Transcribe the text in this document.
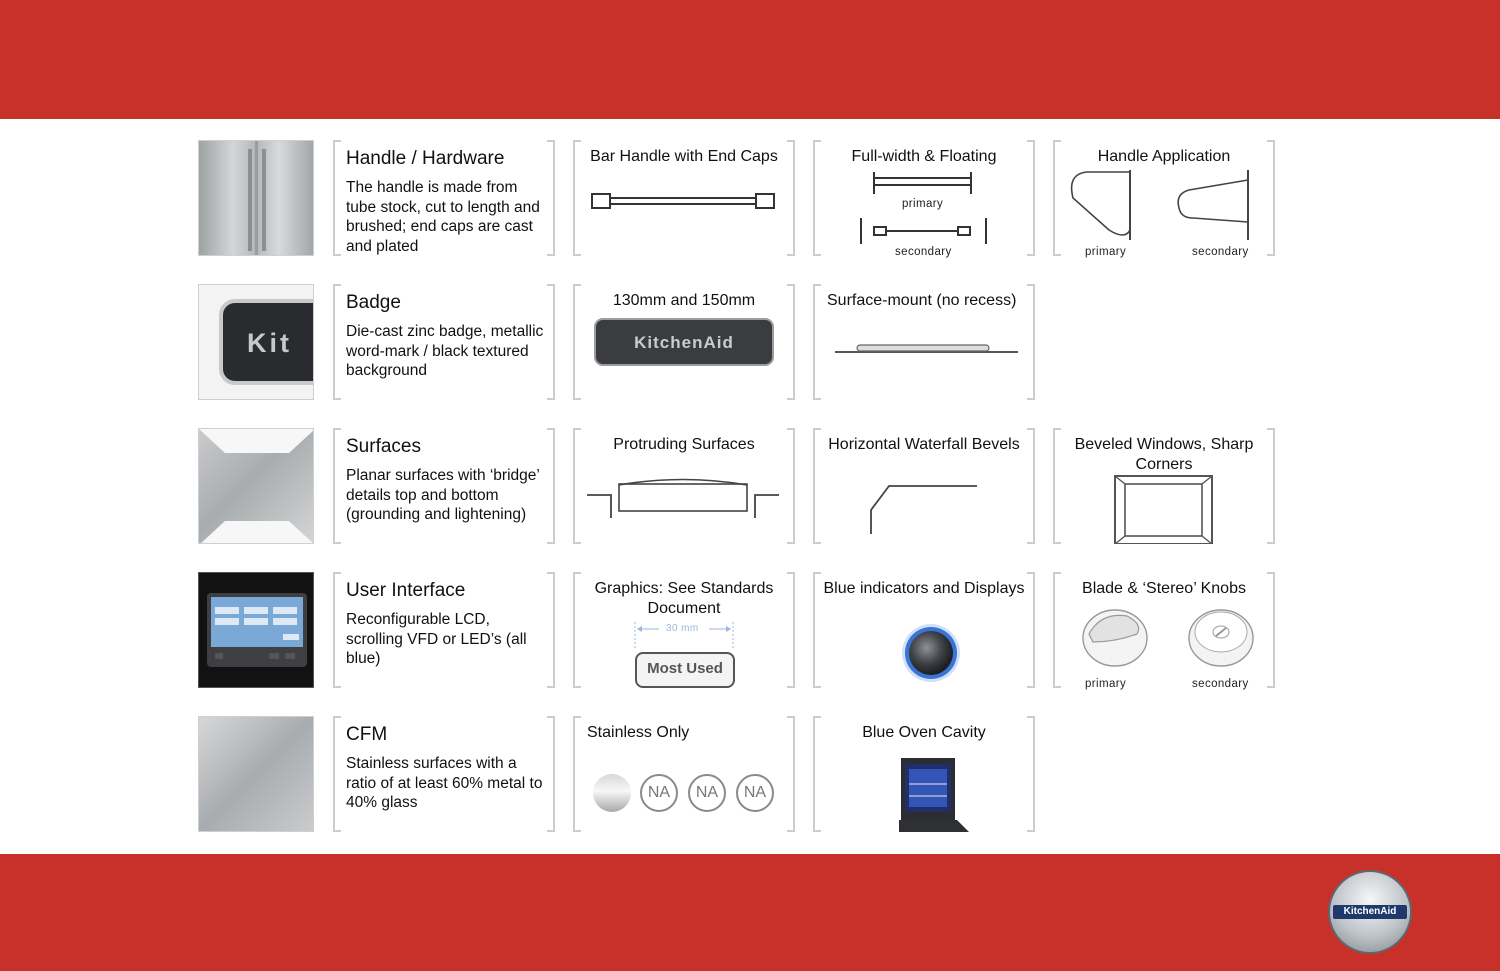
Handle / Hardware
The handle is made from tube stock, cut to length and brushed; end caps are cast and plated
Bar Handle with End Caps	Full-width & Floating
primary
secondary
Handle Application
primary	secondary
Kit
Badge
Die-cast zinc badge, metallic word-mark / black textured background
130mm and 150mm
KitchenAid
Surface-mount (no recess)
Surfaces
Planar surfaces with ‘bridge’ details top and bottom (grounding and lightening)
Protruding Surfaces	Horizontal Waterfall Bevels	Beveled Windows, Sharp Corners
User Interface
Reconfigurable LCD, scrolling VFD or LED’s (all blue)
Graphics: See Standards Document
30 mm
Most Used
Blue indicators and Displays	Blade & ‘Stereo’ Knobs
primary	secondary
CFM
Stainless surfaces with a ratio of at least 60% metal to 40% glass
Stainless Only
NA	NA	NA
Blue Oven Cavity
KitchenAid
